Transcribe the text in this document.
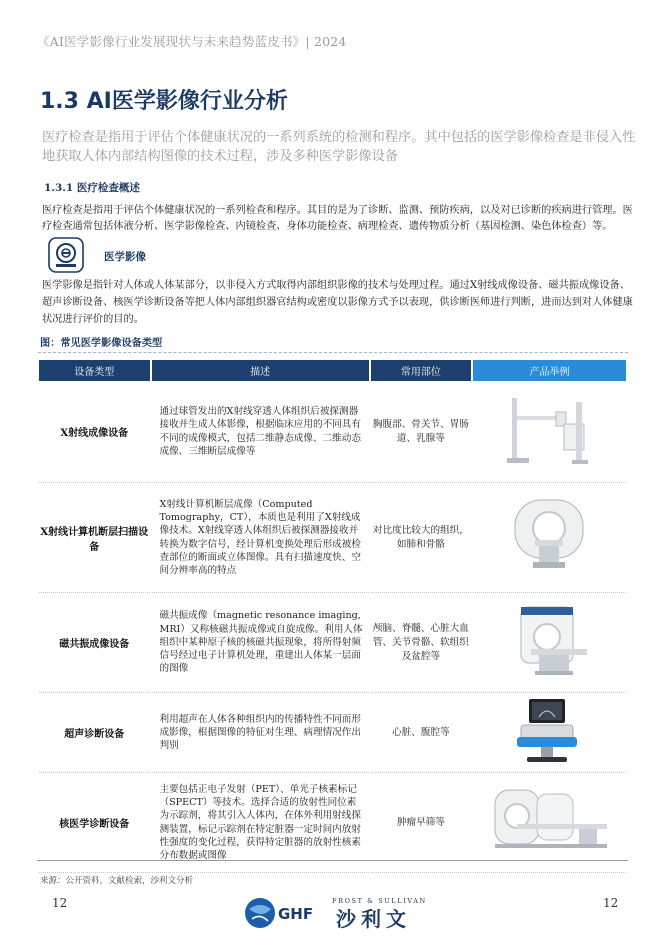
《AI医学影像行业发展现状与未来趋势蓝皮书》| 2024
1.3 AI医学影像行业分析
医疗检查是指用于评估个体健康状况的一系列系统的检测和程序。其中包括的医学影像检查是非侵入性地获取人体内部结构图像的技术过程，涉及多种医学影像设备
1.3.1 医疗检查概述
医疗检查是指用于评估个体健康状况的一系列检查和程序。其目的是为了诊断、监测、预防疾病，以及对已诊断的疾病进行管理。医疗检查通常包括体液分析、医学影像检查、内镜检查、身体功能检查、病理检查、遗传物质分析（基因检测、染色体检查）等。
医学影像
医学影像是指针对人体或人体某部分，以非侵入方式取得内部组织影像的技术与处理过程。通过X射线成像设备、磁共振成像设备、超声诊断设备、核医学诊断设备等把人体内部组织器官结构或密度以影像方式予以表现，供诊断医师进行判断，进而达到对人体健康状况进行评价的目的。
图：常见医学影像设备类型
设备类型	描述	常用部位	产品举例
X射线成像设备	通过球管发出的X射线穿透人体组织后被探测器接收并生成人体影像，根据临床应用的不同具有不同的成像模式，包括二维静态成像、二维动态成像、三维断层成像等	胸腹部、骨关节、胃肠道、乳腺等	
X射线计算机断层扫描设备	X射线计算机断层成像（Computed Tomography，CT），本质也是利用了X射线成像技术。X射线穿透人体组织后被探测器接收并转换为数字信号，经计算机变换处理后形成被检查部位的断面或立体图像。具有扫描速度快、空间分辨率高的特点	对比度比较大的组织，如肺和骨骼	
磁共振成像设备	磁共振成像（magnetic resonance imaging, MRI）又称核磁共振成像或自旋成像。利用人体组织中某种原子核的核磁共振现象，将所得射频信号经过电子计算机处理，重建出人体某一层面的图像	颅脑、脊髓、心脏大血管、关节骨骼、软组织及盆腔等	
超声诊断设备	利用超声在人体各种组织内的传播特性不同而形成影像，根据图像的特征对生理、病理情况作出判别	心脏、腹腔等	
核医学诊断设备	主要包括正电子发射（PET）、单光子核素标记（SPECT）等技术。选择合适的放射性同位素为示踪剂，将其引入人体内，在体外利用射线探测装置，标记示踪剂在特定脏器一定时间内放射性强度的变化过程，获得特定脏器的放射性核素分布数据或图像	肿瘤早筛等	
来源：公开资料，文献检索，沙利文分析
12	12
GHF
FROST & SULLIVAN
沙利文
